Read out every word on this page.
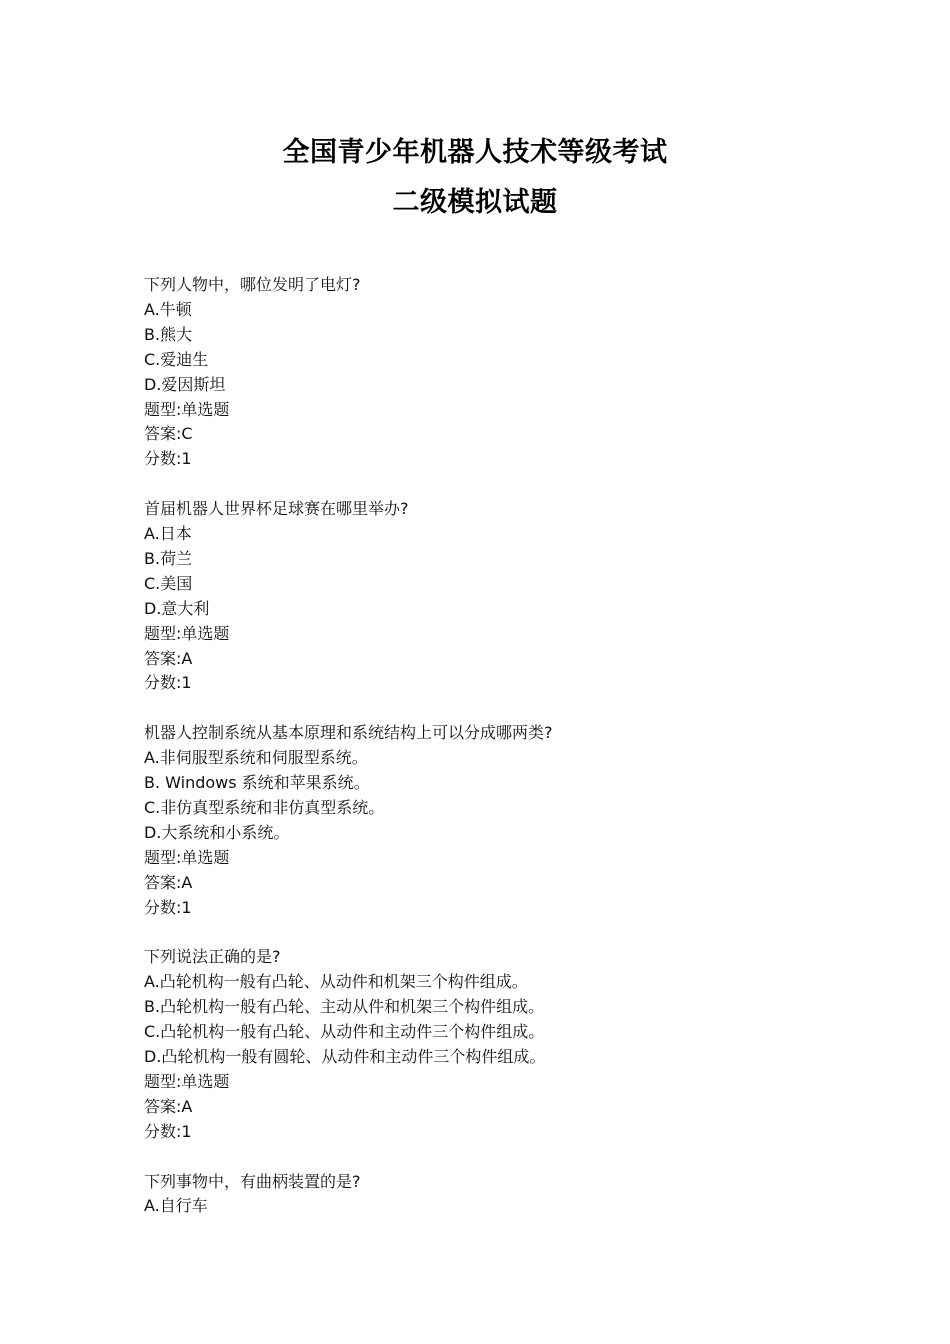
全国青少年机器人技术等级考试
二级模拟试题
下列人物中，哪位发明了电灯?
A.牛顿
B.熊大
C.爱迪生
D.爱因斯坦
题型:单选题
答案:C
分数:1
首届机器人世界杯足球赛在哪里举办?
A.日本
B.荷兰
C.美国
D.意大利
题型:单选题
答案:A
分数:1
机器人控制系统从基本原理和系统结构上可以分成哪两类?
A.非伺服型系统和伺服型系统。
B. Windows 系统和苹果系统。
C.非仿真型系统和非仿真型系统。
D.大系统和小系统。
题型:单选题
答案:A
分数:1
下列说法正确的是?
A.凸轮机构一般有凸轮、从动件和机架三个构件组成。
B.凸轮机构一般有凸轮、主动从件和机架三个构件组成。
C.凸轮机构一般有凸轮、从动件和主动件三个构件组成。
D.凸轮机构一般有圆轮、从动件和主动件三个构件组成。
题型:单选题
答案:A
分数:1
下列事物中，有曲柄装置的是?
A.自行车
